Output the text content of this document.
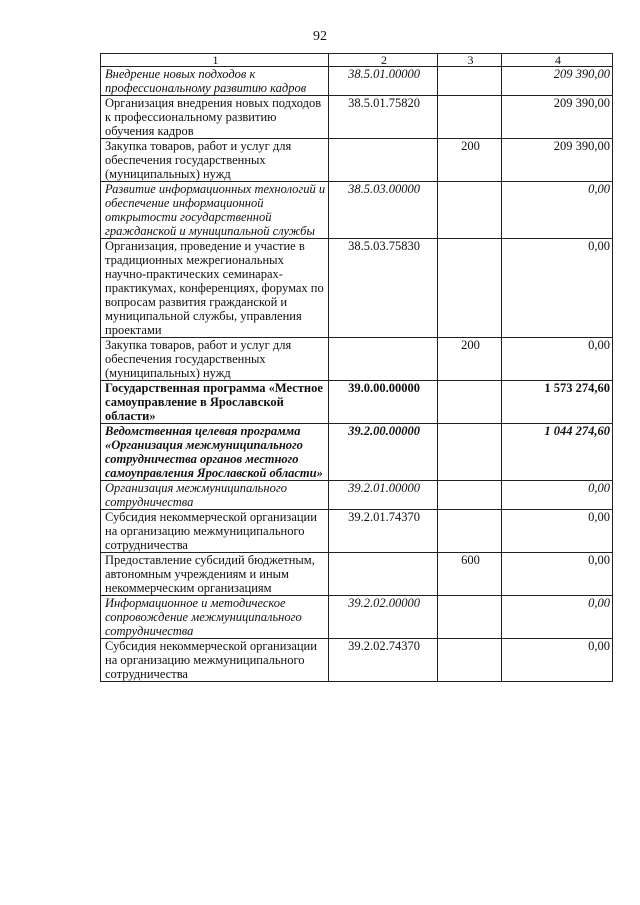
92
1	2	3	4
Внедрение новых подходов к профессиональному развитию кадров	38.5.01.00000		209 390,00
Организация внедрения новых подходов к профессиональному развитию обучения кадров	38.5.01.75820		209 390,00
Закупка товаров, работ и услуг для обеспечения государственных (муниципальных) нужд		200	209 390,00
Развитие информационных технологий и обеспечение информационной открытости государственной гражданской и муниципальной службы	38.5.03.00000		0,00
Организация, проведение и участие в традиционных межрегиональных научно-практических семинарах-практикумах, конференциях, форумах по вопросам развития гражданской и муниципальной службы, управления проектами	38.5.03.75830		0,00
Закупка товаров, работ и услуг для обеспечения государственных (муниципальных) нужд		200	0,00
Государственная программа «Местное самоуправление в Ярославской области»	39.0.00.00000		1 573 274,60
Ведомственная целевая программа «Организация межмуниципального сотрудничества органов местного самоуправления Ярославской области»	39.2.00.00000		1 044 274,60
Организация межмуниципального сотрудничества	39.2.01.00000		0,00
Субсидия некоммерческой организации на организацию межмуниципального сотрудничества	39.2.01.74370		0,00
Предоставление субсидий бюджетным, автономным учреждениям и иным некоммерческим организациям		600	0,00
Информационное и методическое сопровождение межмуниципального сотрудничества	39.2.02.00000		0,00
Субсидия некоммерческой организации на организацию межмуниципального сотрудничества	39.2.02.74370		0,00
